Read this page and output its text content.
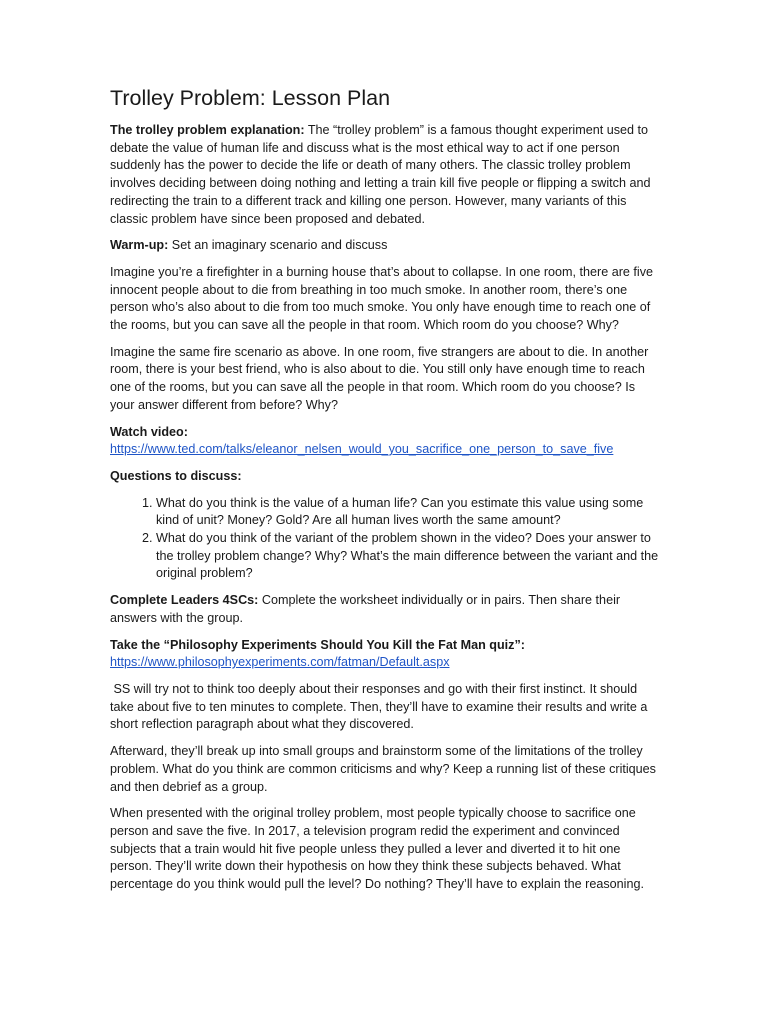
Trolley Problem: Lesson Plan

The trolley problem explanation: The “trolley problem” is a famous thought experiment used to debate the value of human life and discuss what is the most ethical way to act if one person suddenly has the power to decide the life or death of many others. The classic trolley problem involves deciding between doing nothing and letting a train kill five people or flipping a switch and redirecting the train to a different track and killing one person. However, many variants of this classic problem have since been proposed and debated.

Warm-up: Set an imaginary scenario and discuss

Imagine you’re a firefighter in a burning house that’s about to collapse. In one room, there are five innocent people about to die from breathing in too much smoke. In another room, there’s one person who’s also about to die from too much smoke. You only have enough time to reach one of the rooms, but you can save all the people in that room. Which room do you choose? Why?

Imagine the same fire scenario as above. In one room, five strangers are about to die. In another room, there is your best friend, who is also about to die. You still only have enough time to reach one of the rooms, but you can save all the people in that room. Which room do you choose? Is your answer different from before? Why?

Watch video:
https://www.ted.com/talks/eleanor_nelsen_would_you_sacrifice_one_person_to_save_five

Questions to discuss:

1. What do you think is the value of a human life? Can you estimate this value using some kind of unit? Money? Gold? Are all human lives worth the same amount?
2. What do you think of the variant of the problem shown in the video? Does your answer to the trolley problem change? Why? What’s the main difference between the variant and the original problem?

Complete Leaders 4SCs: Complete the worksheet individually or in pairs. Then share their answers with the group.

Take the “Philosophy Experiments Should You Kill the Fat Man quiz”:
https://www.philosophyexperiments.com/fatman/Default.aspx

SS will try not to think too deeply about their responses and go with their first instinct. It should take about five to ten minutes to complete. Then, they’ll have to examine their results and write a short reflection paragraph about what they discovered.

Afterward, they’ll break up into small groups and brainstorm some of the limitations of the trolley problem. What do you think are common criticisms and why? Keep a running list of these critiques and then debrief as a group.

When presented with the original trolley problem, most people typically choose to sacrifice one person and save the five. In 2017, a television program redid the experiment and convinced subjects that a train would hit five people unless they pulled a lever and diverted it to hit one person. They’ll write down their hypothesis on how they think these subjects behaved. What percentage do you think would pull the level? Do nothing? They’ll have to explain the reasoning.
